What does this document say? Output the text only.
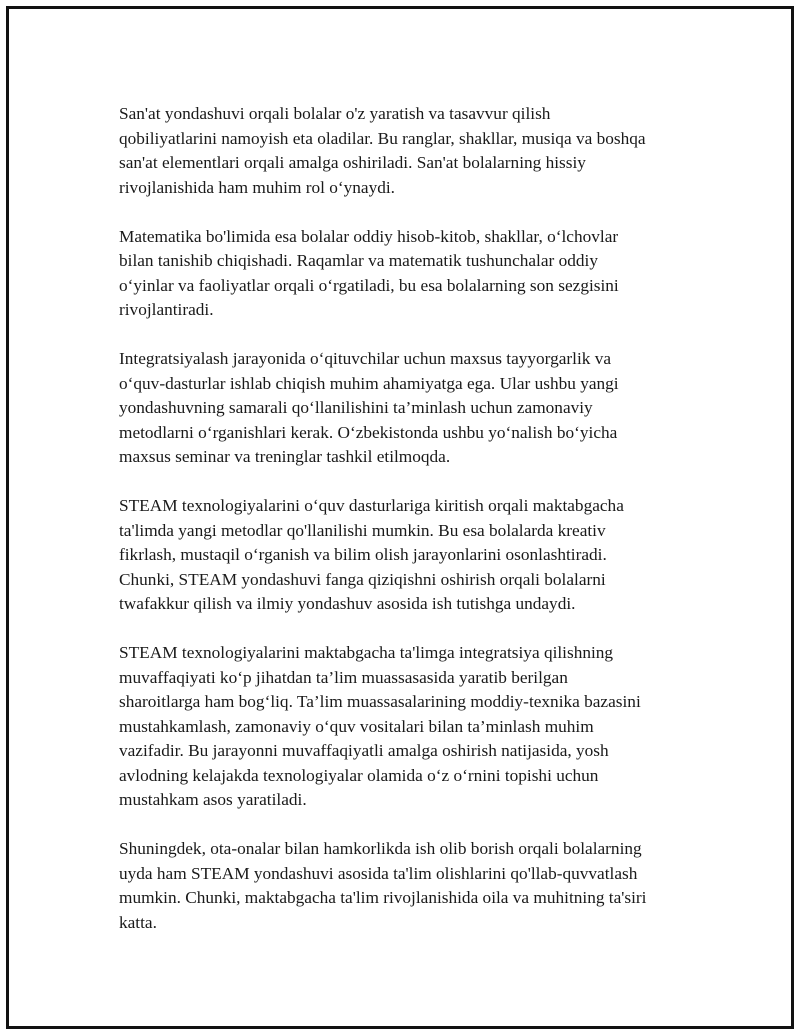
San'at yondashuvi orqali bolalar o'z yaratish va tasavvur qilish
qobiliyatlarini namoyish eta oladilar. Bu ranglar, shakllar, musiqa va boshqa
san'at elementlari orqali amalga oshiriladi. San'at bolalarning hissiy
rivojlanishida ham muhim rol o‘ynaydi.

Matematika bo'limida esa bolalar oddiy hisob-kitob, shakllar, o‘lchovlar
bilan tanishib chiqishadi. Raqamlar va matematik tushunchalar oddiy
o‘yinlar va faoliyatlar orqali o‘rgatiladi, bu esa bolalarning son sezgisini
rivojlantiradi.

Integratsiyalash jarayonida o‘qituvchilar uchun maxsus tayyorgarlik va
o‘quv-dasturlar ishlab chiqish muhim ahamiyatga ega. Ular ushbu yangi
yondashuvning samarali qo‘llanilishini ta’minlash uchun zamonaviy
metodlarni o‘rganishlari kerak. O‘zbekistonda ushbu yo‘nalish bo‘yicha
maxsus seminar va treninglar tashkil etilmoqda.

STEAM texnologiyalarini o‘quv dasturlariga kiritish orqali maktabgacha
ta'limda yangi metodlar qo'llanilishi mumkin. Bu esa bolalarda kreativ
fikrlash, mustaqil o‘rganish va bilim olish jarayonlarini osonlashtiradi.
Chunki, STEAM yondashuvi fanga qiziqishni oshirish orqali bolalarni
twafakkur qilish va ilmiy yondashuv asosida ish tutishga undaydi.

STEAM texnologiyalarini maktabgacha ta'limga integratsiya qilishning
muvaffaqiyati ko‘p jihatdan ta’lim muassasasida yaratib berilgan
sharoitlarga ham bog‘liq. Ta’lim muassasalarining moddiy-texnika bazasini
mustahkamlash, zamonaviy o‘quv vositalari bilan ta’minlash muhim
vazifadir. Bu jarayonni muvaffaqiyatli amalga oshirish natijasida, yosh
avlodning kelajakda texnologiyalar olamida o‘z o‘rnini topishi uchun
mustahkam asos yaratiladi.

Shuningdek, ota-onalar bilan hamkorlikda ish olib borish orqali bolalarning
uyda ham STEAM yondashuvi asosida ta'lim olishlarini qo'llab-quvvatlash
mumkin. Chunki, maktabgacha ta'lim rivojlanishida oila va muhitning ta'siri
katta.
